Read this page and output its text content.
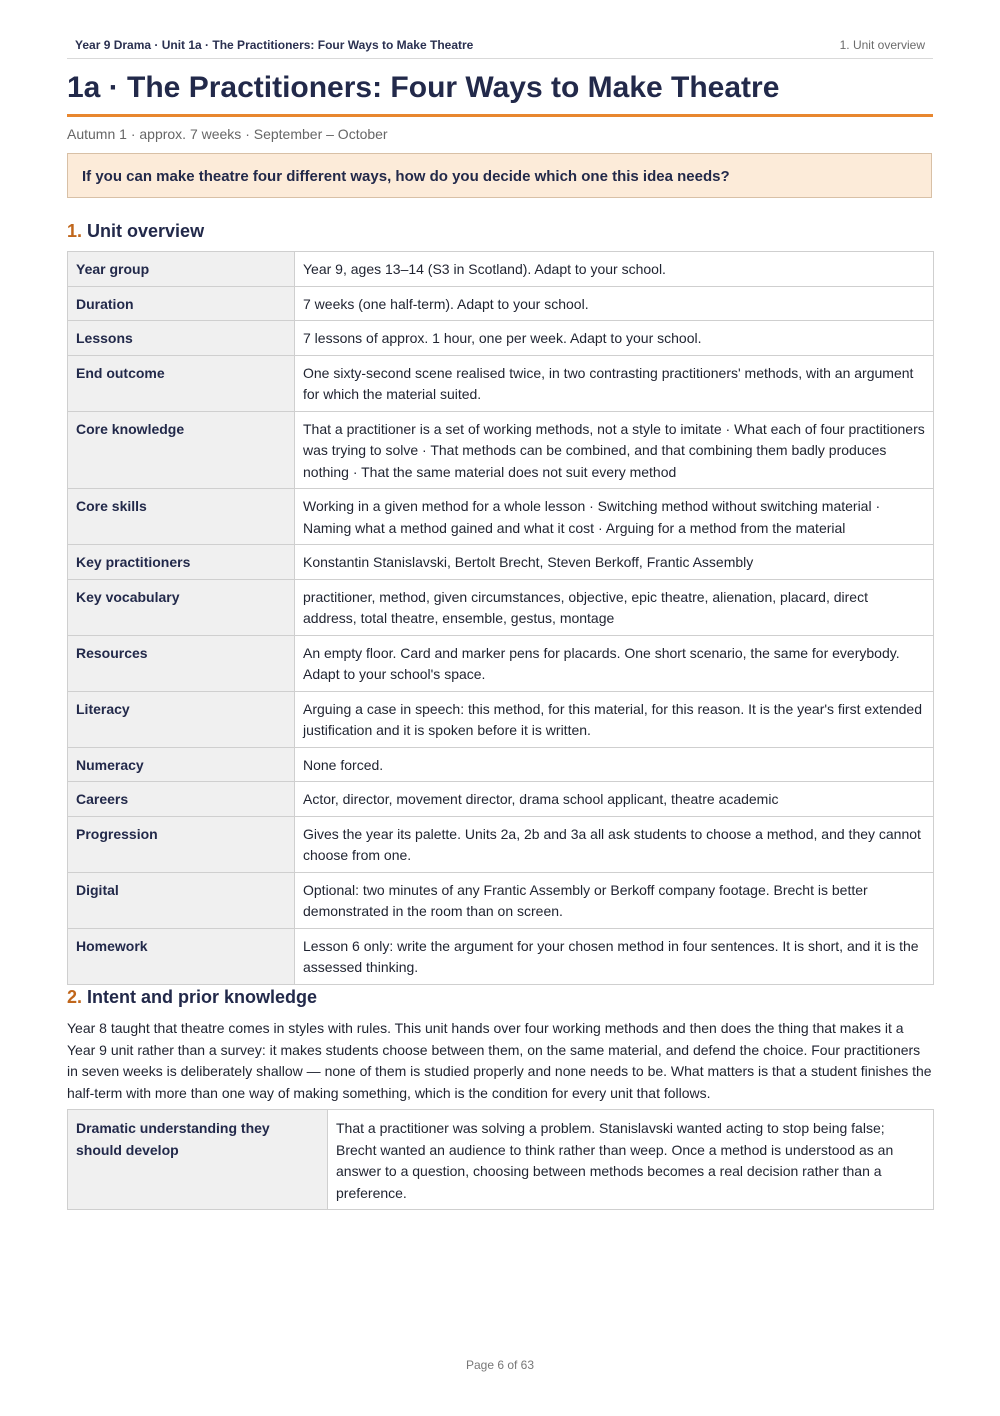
Year 9 Drama · Unit 1a · The Practitioners: Four Ways to Make Theatre	1. Unit overview
1a · The Practitioners: Four Ways to Make Theatre
Autumn 1 · approx. 7 weeks · September – October
If you can make theatre four different ways, how do you decide which one this idea needs?
1. Unit overview
Year group	Year 9, ages 13–14 (S3 in Scotland). Adapt to your school.
Duration	7 weeks (one half-term). Adapt to your school.
Lessons	7 lessons of approx. 1 hour, one per week. Adapt to your school.
End outcome	One sixty-second scene realised twice, in two contrasting practitioners' methods, with an argument for which the material suited.
Core knowledge	That a practitioner is a set of working methods, not a style to imitate · What each of four practitioners was trying to solve · That methods can be combined, and that combining them badly produces nothing · That the same material does not suit every method
Core skills	Working in a given method for a whole lesson · Switching method without switching material · Naming what a method gained and what it cost · Arguing for a method from the material
Key practitioners	Konstantin Stanislavski, Bertolt Brecht, Steven Berkoff, Frantic Assembly
Key vocabulary	practitioner, method, given circumstances, objective, epic theatre, alienation, placard, direct address, total theatre, ensemble, gestus, montage
Resources	An empty floor. Card and marker pens for placards. One short scenario, the same for everybody. Adapt to your school's space.
Literacy	Arguing a case in speech: this method, for this material, for this reason. It is the year's first extended justification and it is spoken before it is written.
Numeracy	None forced.
Careers	Actor, director, movement director, drama school applicant, theatre academic
Progression	Gives the year its palette. Units 2a, 2b and 3a all ask students to choose a method, and they cannot choose from one.
Digital	Optional: two minutes of any Frantic Assembly or Berkoff company footage. Brecht is better demonstrated in the room than on screen.
Homework	Lesson 6 only: write the argument for your chosen method in four sentences. It is short, and it is the assessed thinking.
2. Intent and prior knowledge

Year 8 taught that theatre comes in styles with rules. This unit hands over four working methods and then does the thing that makes it a Year 9 unit rather than a survey: it makes students choose between them, on the same material, and defend the choice. Four practitioners in seven weeks is deliberately shallow — none of them is studied properly and none needs to be. What matters is that a student finishes the half-term with more than one way of making something, which is the condition for every unit that follows.

Dramatic understanding they should develop	That a practitioner was solving a problem. Stanislavski wanted acting to stop being false; Brecht wanted an audience to think rather than weep. Once a method is understood as an answer to a question, choosing between methods becomes a real decision rather than a preference.
Page 6 of 63
